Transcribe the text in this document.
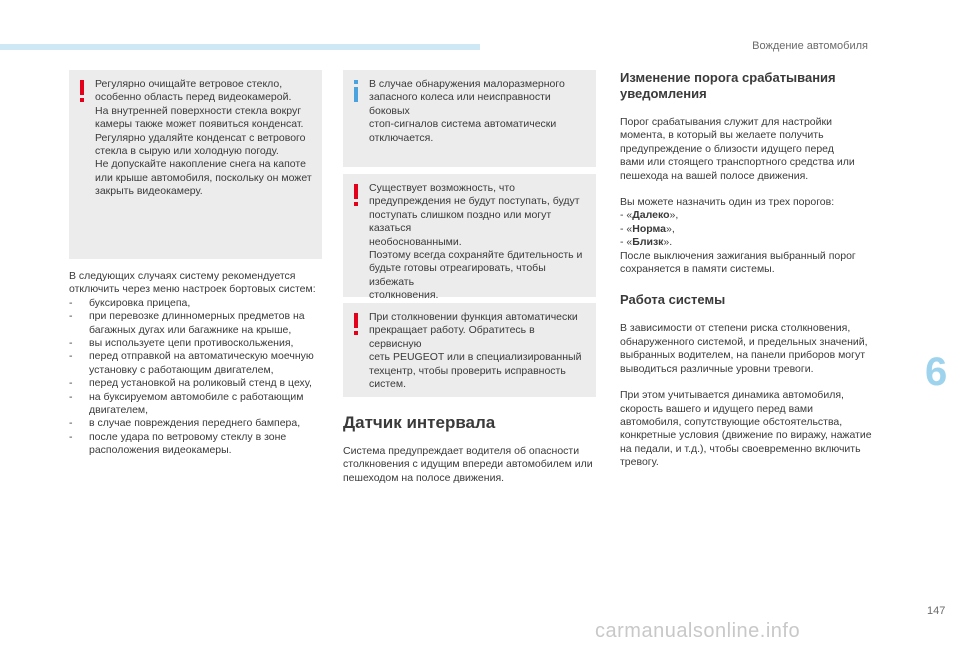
Вождение автомобиля
Регулярно очищайте ветровое стекло,
особенно область перед видеокамерой.
На внутренней поверхности стекла вокруг
камеры также может появиться конденсат.
Регулярно удаляйте конденсат с ветрового
стекла в сырую или холодную погоду.
Не допускайте накопление снега на капоте
или крыше автомобиля, поскольку он может
закрыть видеокамеру.

В следующих случаях систему рекомендуется
отключить через меню настроек бортовых систем:

- буксировка прицепа,
- при перевозке длинномерных предметов на
багажных дугах или багажнике на крыше,
- вы используете цепи противоскольжения,
- перед отправкой на автоматическую моечную
установку с работающим двигателем,
- перед установкой на роликовый стенд в цеху,
- на буксируемом автомобиле с работающим
двигателем,
- в случае повреждения переднего бампера,
- после удара по ветровому стеклу в зоне
расположения видеокамеры.
В случае обнаружения малоразмерного
запасного колеса или неисправности боковых
стоп-сигналов система автоматически
отключается.
Существует возможность, что
предупреждения не будут поступать, будут
поступать слишком поздно или могут казаться
необоснованными.
Поэтому всегда сохраняйте бдительность и
будьте готовы отреагировать, чтобы избежать
столкновения.
При столкновении функция автоматически
прекращает работу. Обратитесь в сервисную
сеть PEUGEOT или в специализированный
техцентр, чтобы проверить исправность
систем.
Датчик интервала

Система предупреждает водителя об опасности
столкновения с идущим впереди автомобилем или
пешеходом на полосе движения.

Изменение порога срабатывания
уведомления

Порог срабатывания служит для настройки
момента, в который вы желаете получить
предупреждение о близости идущего перед
вами или стоящего транспортного средства или
пешехода на вашей полосе движения.

Вы можете назначить один из трех порогов:

- «Далеко»,
- «Норма»,
- «Близк».

После выключения зажигания выбранный порог
сохраняется в памяти системы.

Работа системы

В зависимости от степени риска столкновения,
обнаруженного системой, и предельных значений,
выбранных водителем, на панели приборов могут
выводиться различные уровни тревоги.

При этом учитывается динамика автомобиля,
скорость вашего и идущего перед вами
автомобиля, сопутствующие обстоятельства,
конкретные условия (движение по виражу, нажатие
на педали, и т.д.), чтобы своевременно включить
тревогу.

6
147
carmanualsonline.info
